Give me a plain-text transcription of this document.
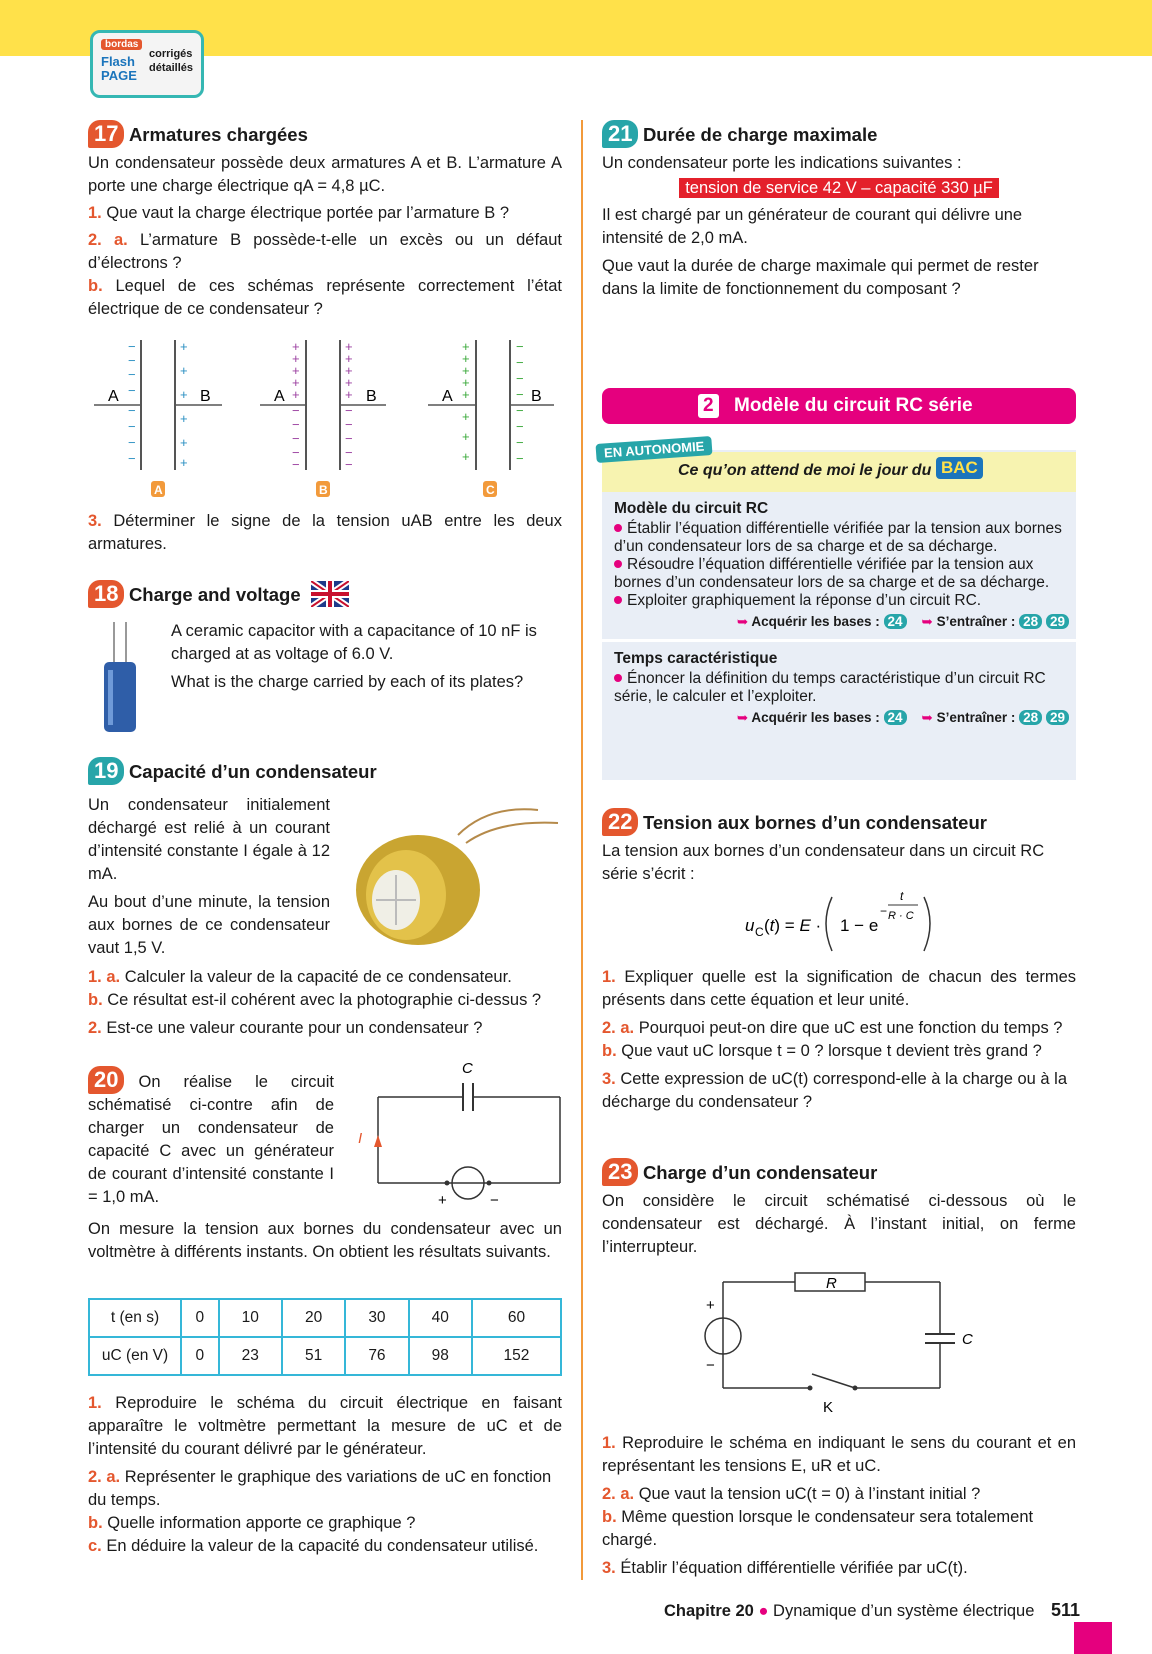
bordas
Flash
PAGE
corrigés
détaillés
17 Armatures chargées

Un condensateur possède deux armatures A et B. L’armature A porte une charge électrique qA = 4,8 µC.

1. Que vaut la charge électrique portée par l’armature B ?

2. a. L’armature B possède-t-elle un excès ou un défaut d’électrons ?

b. Lequel de ces schémas représente correctement l’état électrique de ce condensateur ?

A	B
−
−
−
−
−
−
−
−
+
+
+
+
+
+
A
A	B
+
+
+
+
+
−
−
−
−
−
+
+
+
+
+
−
−
−
−
−
B
A	B
+
+
+
+
+
+
+
+
−
−
−
−
−
−
−
−
C

3. Déterminer le signe de la tension uAB entre les deux armatures.

18 Charge and voltage

A ceramic capacitor with a capacitance of 10 nF is charged at as voltage of 6.0 V.

What is the charge carried by each of its plates?

19 Capacité d’un condensateur

Un condensateur initialement déchargé est relié à un courant d’intensité constante I égale à 12 mA.

Au bout d’une minute, la tension aux bornes de ce condensateur vaut 1,5 V.

1. a. Calculer la valeur de la capacité de ce condensateur.

b. Ce résultat est-il cohérent avec la photographie ci-dessus ?

2. Est-ce une valeur courante pour un condensateur ?

20 On réalise le circuit schématisé ci-contre afin de charger un condensateur de capacité C avec un générateur de courant d’intensité constante I = 1,0 mA.

C
I
+	−

On mesure la tension aux bornes du condensateur avec un voltmètre à différents instants. On obtient les résultats suivants.

t (en s)	0	10	20	30	40	60
uC (en V)	0	23	51	76	98	152

1. Reproduire le schéma du circuit électrique en faisant apparaître le voltmètre permettant la mesure de uC et de l’intensité du courant délivré par le générateur.

2. a. Représenter le graphique des variations de uC en fonction du temps.

b. Quelle information apporte ce graphique ?

c. En déduire la valeur de la capacité du condensateur utilisé.

21 Durée de charge maximale

Un condensateur porte les indications suivantes :

tension de service 42 V – capacité 330 µF

Il est chargé par un générateur de courant qui délivre une intensité de 2,0 mA.

Que vaut la durée de charge maximale qui permet de rester dans la limite de fonctionnement du composant ?

2 Modèle du circuit RC série
Ce qu’on attend de moi le jour du BAC
EN AUTONOMIE

Modèle du circuit RC

Établir l’équation différentielle vérifiée par la tension aux bornes d’un condensateur lors de sa charge et de sa décharge.

Résoudre l’équation différentielle vérifiée par la tension aux bornes d’un condensateur lors de sa charge et de sa décharge.

Exploiter graphiquement la réponse d’un circuit RC.

➥ Acquérir les bases : 24 ➥ S’entraîner : 28 29

Temps caractéristique

Énoncer la définition du temps caractéristique d’un circuit RC série, le calculer et l’exploiter.

➥ Acquérir les bases : 24 ➥ S’entraîner : 28 29

22 Tension aux bornes d’un condensateur

La tension aux bornes d’un condensateur dans un circuit RC série s’écrit :

u C (t) = E · 1 − e
−
t
R · C

1. Expliquer quelle est la signification de chacun des termes présents dans cette équation et leur unité.

2. a. Pourquoi peut-on dire que uC est une fonction du temps ?

b. Que vaut uC lorsque t = 0 ? lorsque t devient très grand ?

3. Cette expression de uC(t) correspond-elle à la charge ou à la décharge du condensateur ?

23 Charge d’un condensateur

On considère le circuit schématisé ci-dessous où le condensateur est déchargé. À l’instant initial, on ferme l’interrupteur.

R
C
K
+
−

1. Reproduire le schéma en indiquant le sens du courant et en représentant les tensions E, uR et uC.

2. a. Que vaut la tension uC(t = 0) à l’instant initial ?

b. Même question lorsque le condensateur sera totalement chargé.

3. Établir l’équation différentielle vérifiée par uC(t).

Chapitre 20 ● Dynamique d’un système électrique 511
